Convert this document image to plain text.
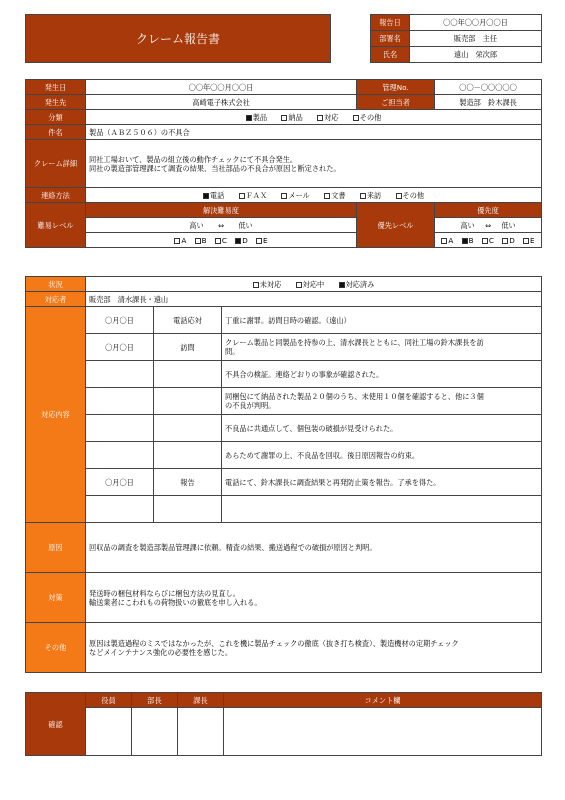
クレーム報告書
報告日	〇〇年〇〇月〇〇日
部署名	販売部　主任
氏名	遠山　栄次郎
発生日	〇〇年〇〇月〇〇日	管理No.	〇〇－〇〇〇〇〇
発生先	高崎電子株式会社	ご担当者	製造部　鈴木課長
分類	製品 納品 対応 その他		
件名	製品（ＡＢＺ５０６）の不具合		
クレーム詳細	同社工場おいて、製品の組立後の動作チェックにて不具合発生。
同社の製造部管理課にて調査の結果、当社部品の不良合が原因と断定された。		

連絡方法	電話 ＦＡＸ メール 文書 来訪 その他		
難易レベル	解決難易度	優先レベル	優先度
	高い ⇔ 低い		高い ⇔ 低い
	A B C D E		A B C D E
状況	未対応 対応中 対応済み		
対応者	販売部　清水課長・遠山		
対応内容	〇月〇日	電話応対	丁重に謝罪。訪問日時の確認。（遠山）

	〇月〇日	訪問	クレーム製品と同製品を持参の上、清水課長とともに、同社工場の鈴木課長を訪
問。

			不具合の検証。連絡どおりの事象が確認された。

			同梱包にて納品された製品２０個のうち、未使用１０個を確認すると、他に３個
の不良が判明。

			不良品に共通点して、個包装の破損が見受けられた。

			あらためて謝罪の上、不良品を回収。後日原因報告の約束。

	〇月〇日	報告	電話にて、鈴木課長に調査結果と再発防止策を報告。了承を得た。

原因	回収品の調査を製造部製品管理課に依頼。精査の結果、搬送過程での破損が原因と判明。		
対策	発送時の梱包材料ならびに梱包方法の見直し。
輸送業者にこわれもの荷物扱いの徹底を申し入れる。		

その他	原因は製造過程のミスではなかったが、これを機に製品チェックの徹底（抜き打ち検査）、製造機材の定期チェック
などメインテナンス強化の必要性を感じた。		
確認	役員	部長	課長	コメント欄
